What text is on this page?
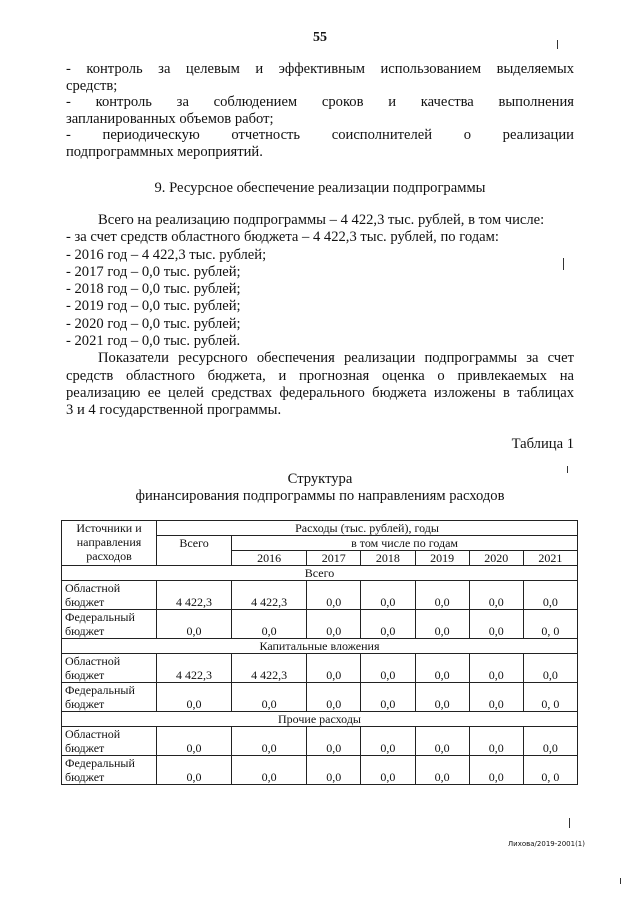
55
- контроль за целевым и эффективным использованием выделяемых
средств;
- контроль за соблюдением сроков и качества выполнения
запланированных объемов работ;
- периодическую отчетность соисполнителей о реализации
подпрограммных мероприятий.
9. Ресурсное обеспечение реализации подпрограммы
Всего на реализацию подпрограммы – 4 422,3 тыс. рублей, в том числе:
- за счет средств областного бюджета – 4 422,3 тыс. рублей, по годам:
- 2016 год – 4 422,3 тыс. рублей;
- 2017 год – 0,0 тыс. рублей;
- 2018 год – 0,0 тыс. рублей;
- 2019 год – 0,0 тыс. рублей;
- 2020 год – 0,0 тыс. рублей;
- 2021 год – 0,0 тыс. рублей.
Показатели ресурсного обеспечения реализации подпрограммы за счет
средств областного бюджета, и прогнозная оценка о привлекаемых на
реализацию ее целей средствах федерального бюджета изложены в таблицах
3 и 4 государственной программы.
Таблица 1
Структура
финансирования подпрограммы по направлениям расходов
Источники и
направления
расходов	Расходы (тыс. рублей), годы						
	Всего	в том числе по годам					
		2016	2017	2018	2019	2020	2021
Всего							

Областной
бюджет	4 422,3	4 422,3	0,0	0,0	0,0	0,0	0,0

Федеральный
бюджет	0,0	0,0	0,0	0,0	0,0	0,0	0, 0
Капитальные вложения							

Областной
бюджет	4 422,3	4 422,3	0,0	0,0	0,0	0,0	0,0

Федеральный
бюджет	0,0	0,0	0,0	0,0	0,0	0,0	0, 0
Прочие расходы							

Областной
бюджет	0,0	0,0	0,0	0,0	0,0	0,0	0,0

Федеральный
бюджет	0,0	0,0	0,0	0,0	0,0	0,0	0, 0
Лихова/2019-2001(1)
